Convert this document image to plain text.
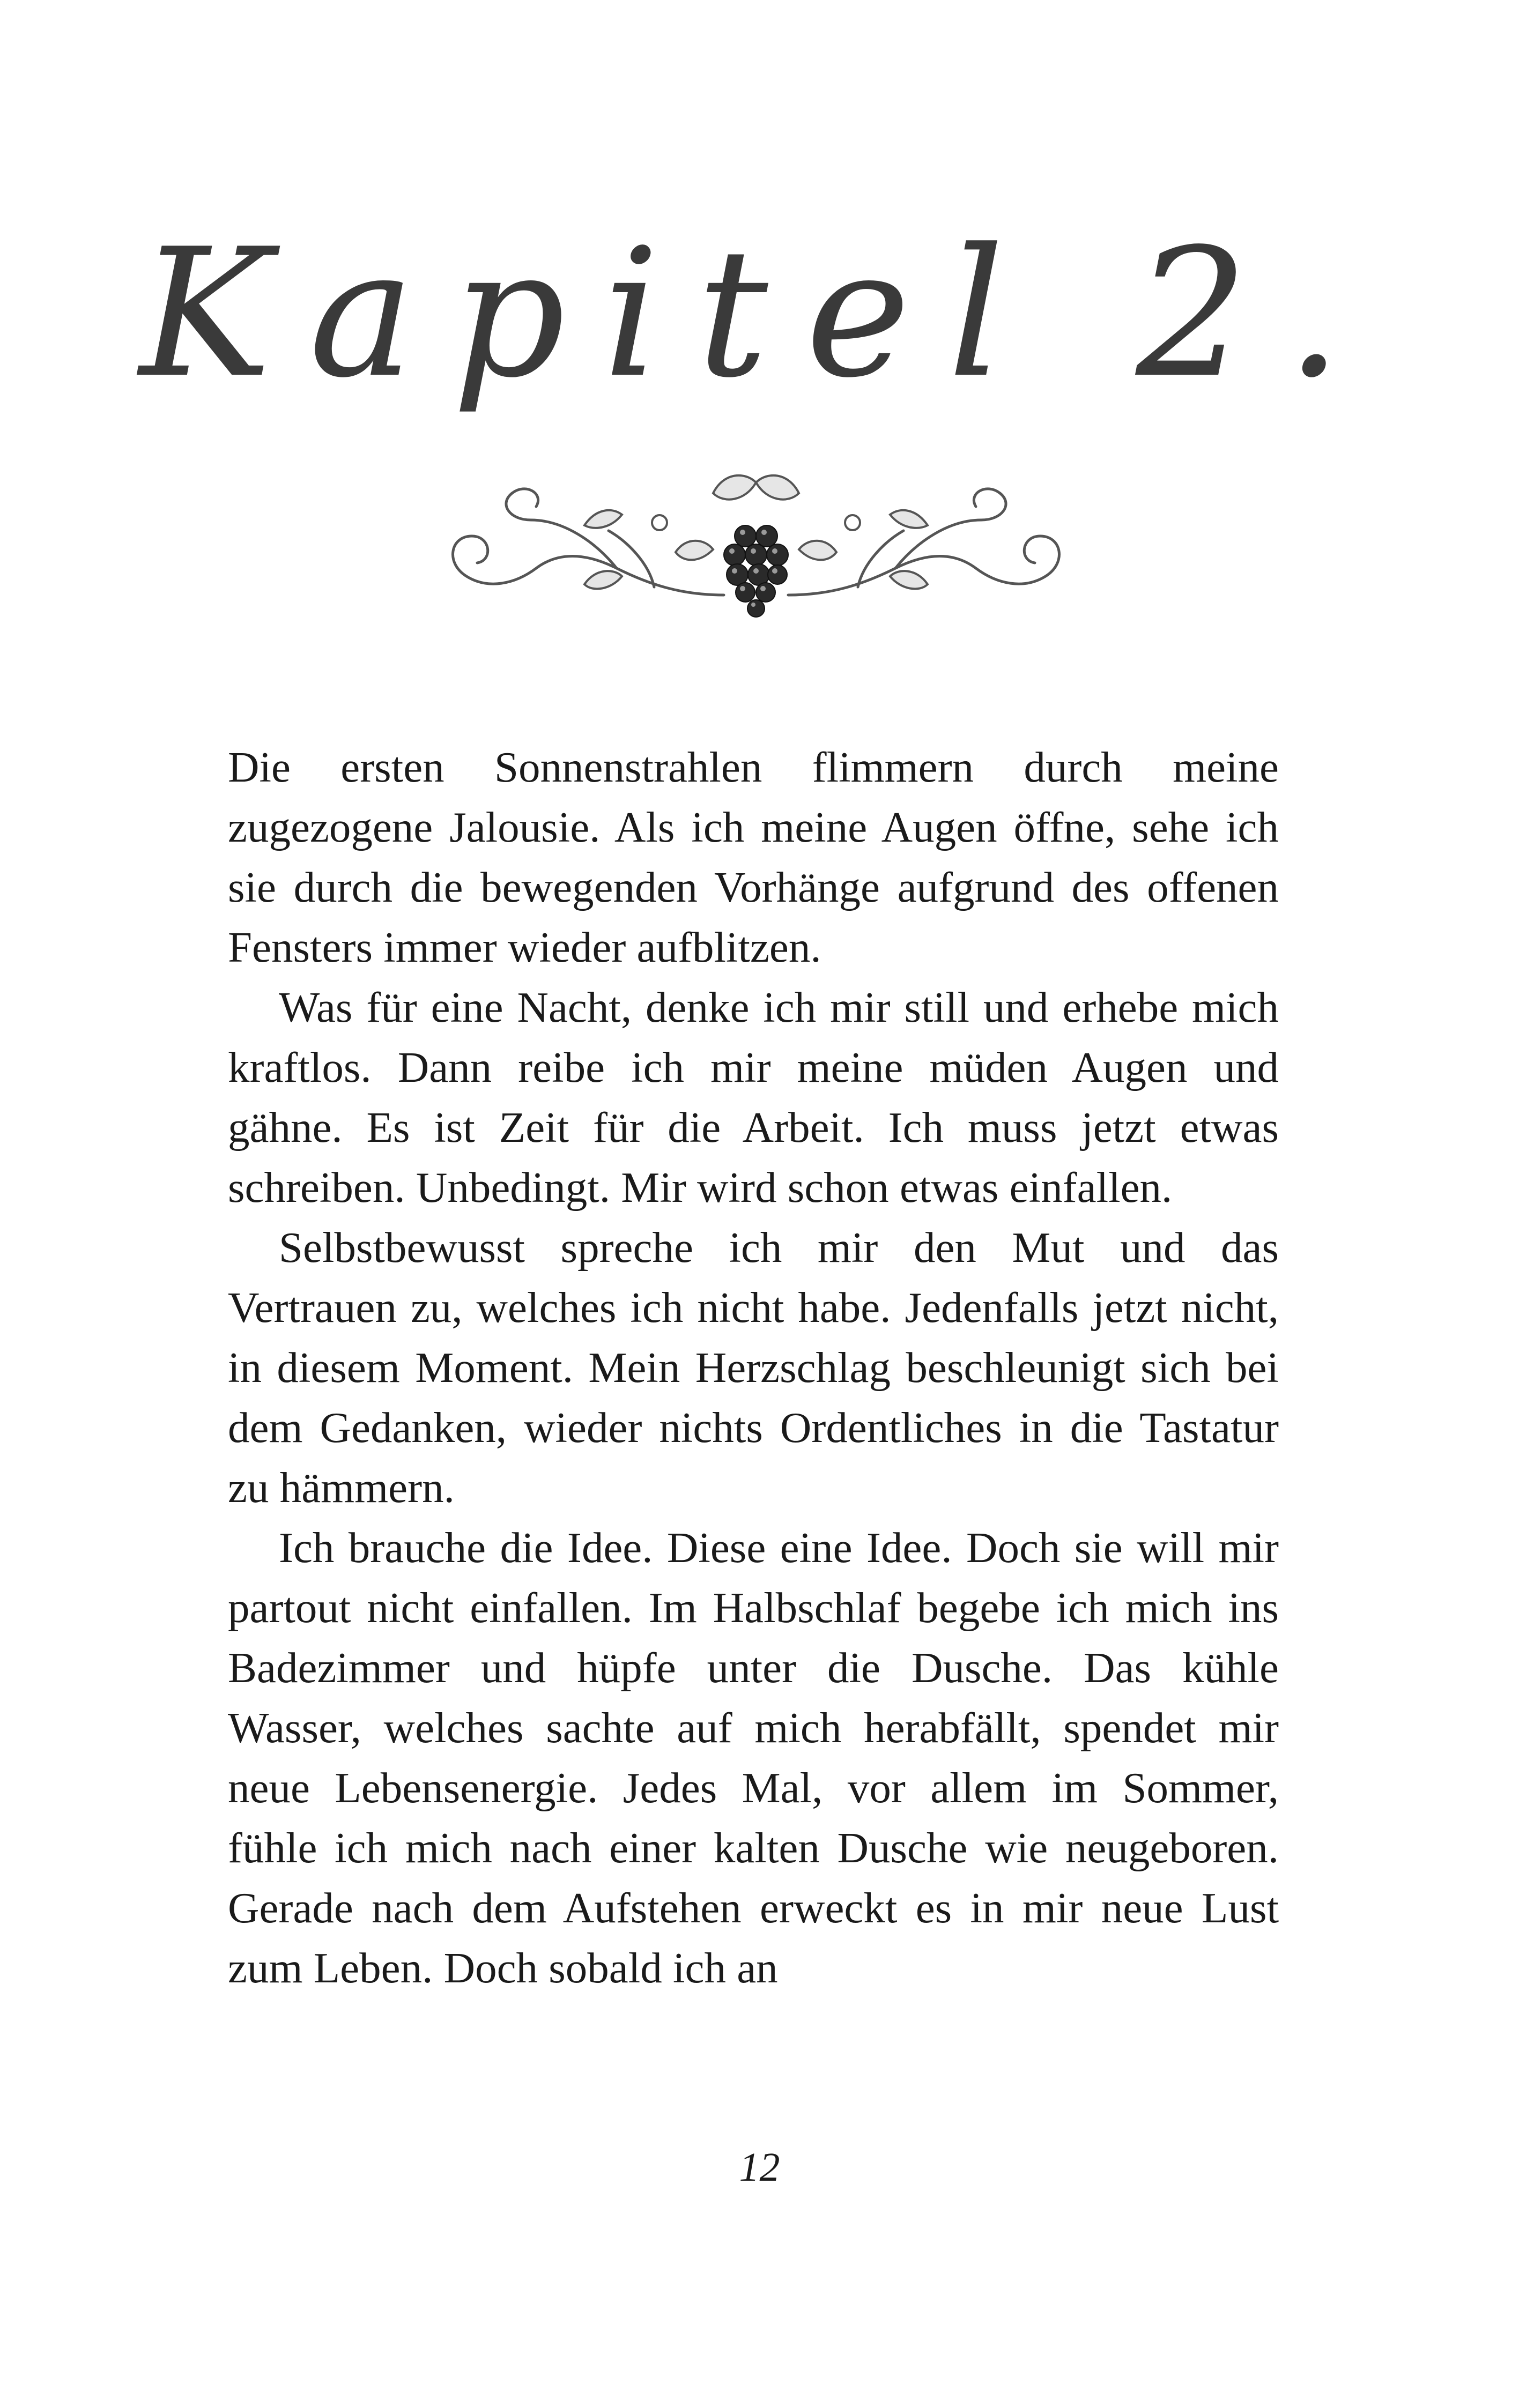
Kapitel 2.

Die ersten Sonnenstrahlen flimmern durch meine zugezogene Jalousie. Als ich meine Augen öffne, sehe ich sie durch die bewegenden Vorhänge aufgrund des offenen Fensters immer wieder aufblitzen.

Was für eine Nacht, denke ich mir still und erhebe mich kraftlos. Dann reibe ich mir meine müden Augen und gähne. Es ist Zeit für die Arbeit. Ich muss jetzt etwas schreiben. Unbedingt. Mir wird schon etwas einfallen.

Selbstbewusst spreche ich mir den Mut und das Vertrauen zu, welches ich nicht habe. Jedenfalls jetzt nicht, in diesem Moment. Mein Herzschlag beschleunigt sich bei dem Gedanken, wieder nichts Ordentliches in die Tastatur zu hämmern.

Ich brauche die Idee. Diese eine Idee. Doch sie will mir partout nicht einfallen. Im Halbschlaf begebe ich mich ins Badezimmer und hüpfe unter die Dusche. Das kühle Wasser, welches sachte auf mich herabfällt, spendet mir neue Lebensenergie. Jedes Mal, vor allem im Sommer, fühle ich mich nach einer kalten Dusche wie neugeboren. Gerade nach dem Aufstehen erweckt es in mir neue Lust zum Leben. Doch sobald ich an

12
